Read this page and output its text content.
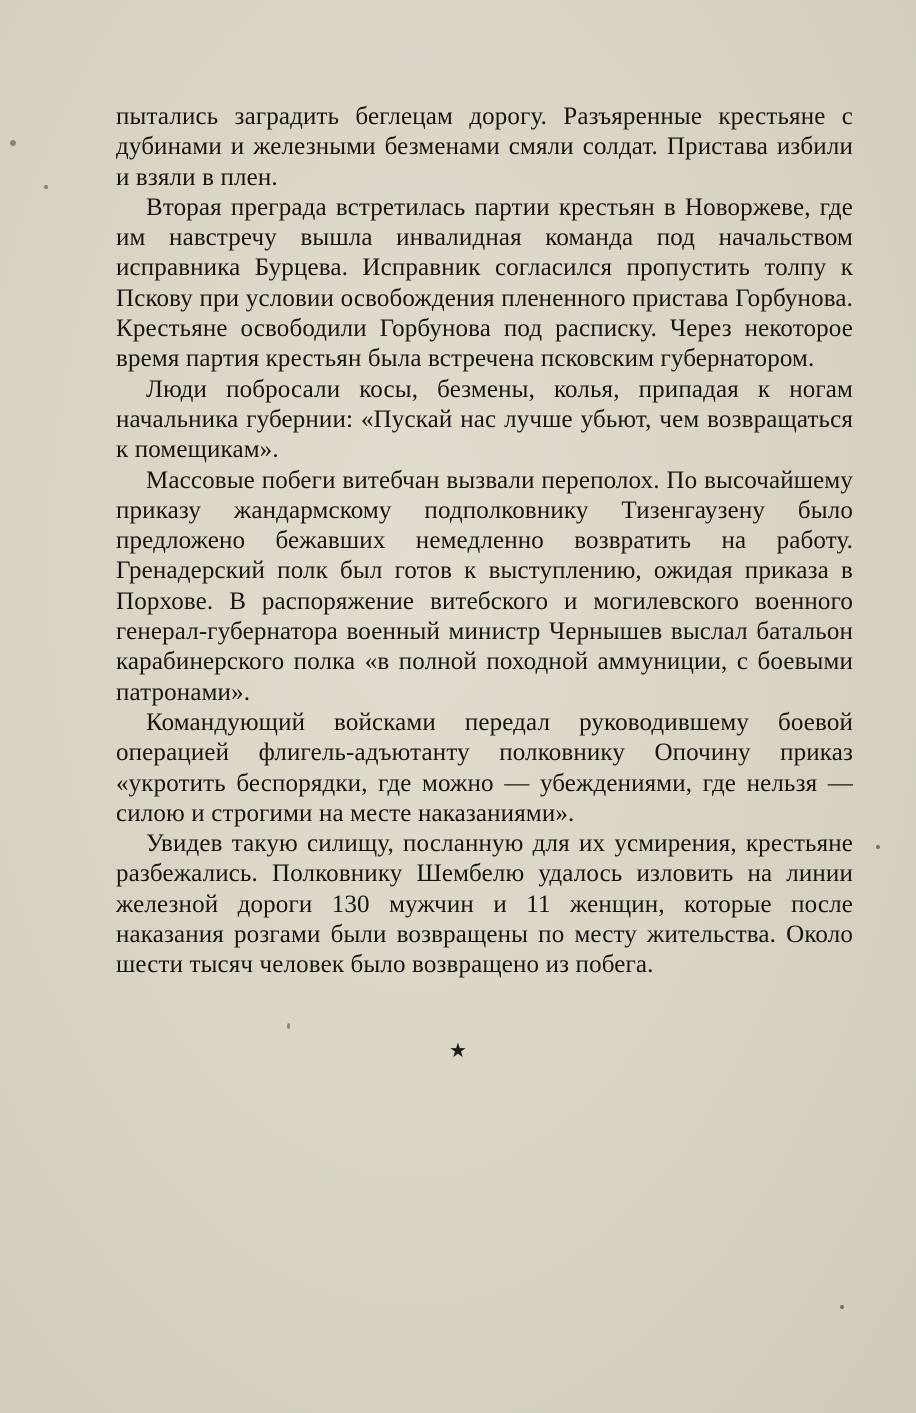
пытались заградить беглецам дорогу. Разъяренные крестьяне с дубинами и железными безменами смяли солдат. Пристава избили и взяли в плен.

Вторая преграда встретилась партии крестьян в Новоржеве, где им навстречу вышла инвалидная команда под начальством исправника Бурцева. Исправник согласился пропустить толпу к Пскову при условии освобождения плененного пристава Горбунова. Крестьяне освободили Горбунова под расписку. Через некоторое время партия крестьян была встречена псковским губернатором.

Люди побросали косы, безмены, колья, припадая к ногам начальника губернии: «Пускай нас лучше убьют, чем возвращаться к помещикам».

Массовые побеги витебчан вызвали переполох. По высочайшему приказу жандармскому подполковнику Тизенгаузену было предложено бежавших немедленно возвратить на работу. Гренадерский полк был готов к выступлению, ожидая приказа в Порхове. В распоряжение витебского и могилевского военного генерал-губернатора военный министр Чернышев выслал батальон карабинерского полка «в полной походной аммуниции, с боевыми патронами».

Командующий войсками передал руководившему боевой операцией флигель-адъютанту полковнику Опочину приказ «укротить беспорядки, где можно — убеждениями, где нельзя — силою и строгими на месте наказаниями».

Увидев такую силищу, посланную для их усмирения, крестьяне разбежались. Полковнику Шембелю удалось изловить на линии железной дороги 130 мужчин и 11 женщин, которые после наказания розгами были возвращены по месту жительства. Около шести тысяч человек было возвращено из побега.

★
